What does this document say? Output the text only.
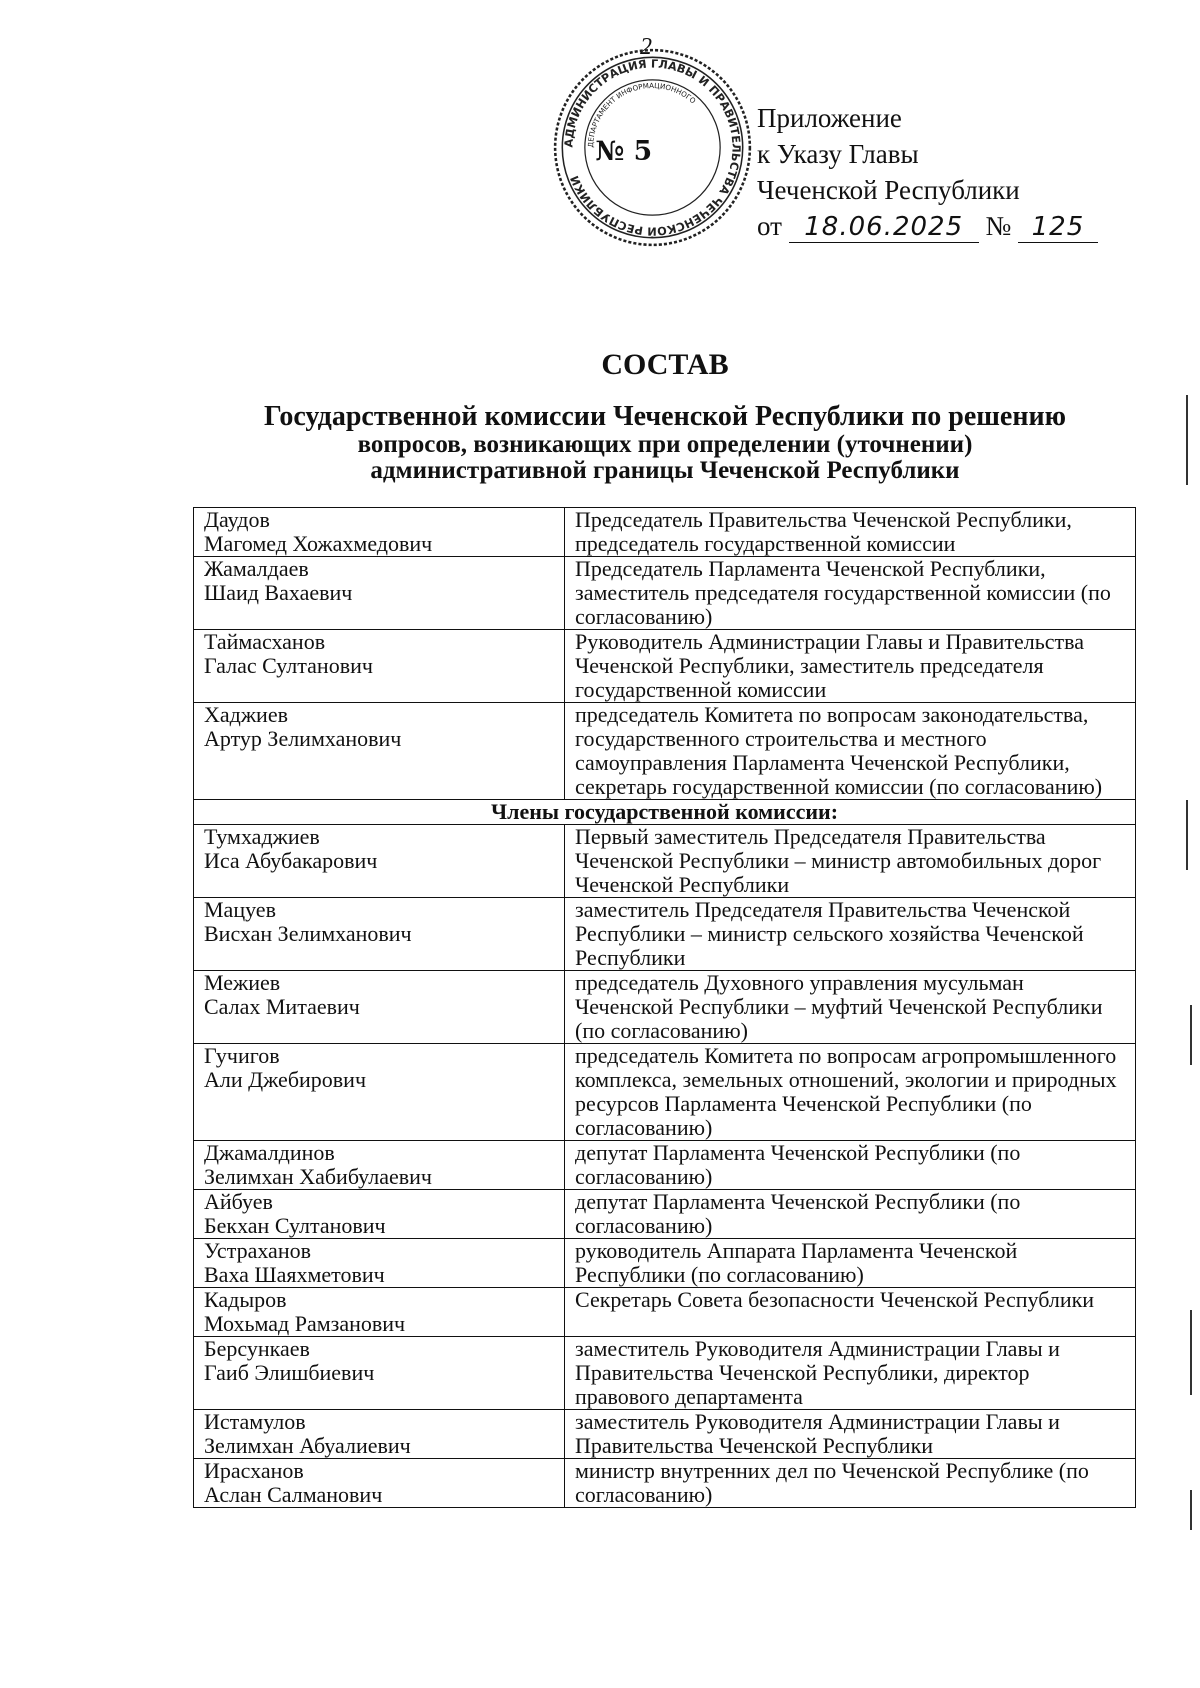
2
АДМИНИСТРАЦИЯ ГЛАВЫ И ПРАВИТЕЛЬСТВА ЧЕЧЕНСКОЙ РЕСПУБЛИКИ
ДЕПАРТАМЕНТ ИНФОРМАЦИОННОГО
№ 5
Приложение
к Указу Главы
Чеченской Республики
от 18.06.2025 № 125
СОСТАВ
Государственной комиссии Чеченской Республики по решению
вопросов, возникающих при определении (уточнении)
административной границы Чеченской Республики
Даудов
Магомед Хожахмедович	Председатель Правительства Чеченской Республики, председатель государственной комиссии

Жамалдаев
Шаид Вахаевич	Председатель Парламента Чеченской Республики, заместитель председателя государственной комиссии (по согласованию)

Таймасханов
Галас Султанович	Руководитель Администрации Главы и Правительства Чеченской Республики, заместитель председателя государственной комиссии

Хаджиев
Артур Зелимханович	председатель Комитета по вопросам законодательства, государственного строительства и местного самоуправления Парламента Чеченской Республики, секретарь государственной комиссии (по согласованию)
Члены государственной комиссии:	

Тумхаджиев
Иса Абубакарович	Первый заместитель Председателя Правительства Чеченской Республики – министр автомобильных дорог Чеченской Республики

Мацуев
Висхан Зелимханович	заместитель Председателя Правительства Чеченской Республики – министр сельского хозяйства Чеченской Республики

Межиев
Салах Митаевич	председатель Духовного управления мусульман Чеченской Республики – муфтий Чеченской Республики (по согласованию)

Гучигов
Али Джебирович	председатель Комитета по вопросам агропромышленного комплекса, земельных отношений, экологии и природных ресурсов Парламента Чеченской Республики (по согласованию)

Джамалдинов
Зелимхан Хабибулаевич	депутат Парламента Чеченской Республики (по согласованию)

Айбуев
Бекхан Султанович	депутат Парламента Чеченской Республики (по согласованию)

Устраханов
Ваха Шаяхметович	руководитель Аппарата Парламента Чеченской Республики (по согласованию)

Кадыров
Мохьмад Рамзанович	Секретарь Совета безопасности Чеченской Республики

Берсункаев
Гаиб Элишбиевич	заместитель Руководителя Администрации Главы и Правительства Чеченской Республики, директор правового департамента

Истамулов
Зелимхан Абуалиевич	заместитель Руководителя Администрации Главы и Правительства Чеченской Республики

Ирасханов
Аслан Салманович	министр внутренних дел по Чеченской Республике (по согласованию)
